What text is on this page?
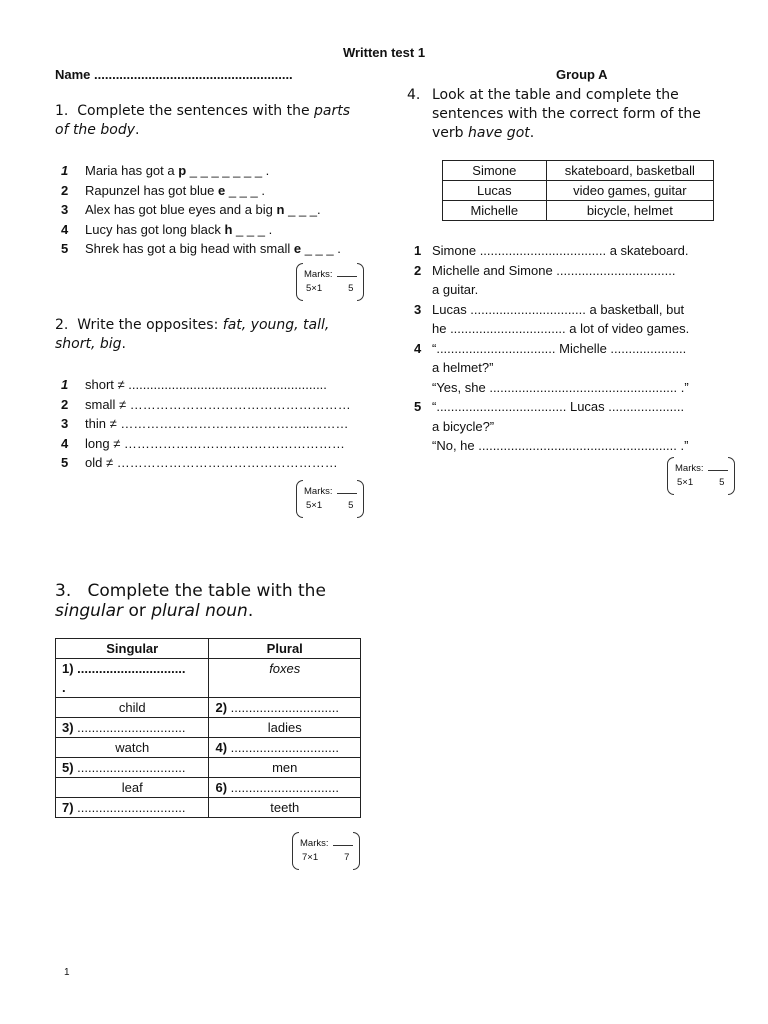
Written test 1
Name .......................................................	Group A
1. Complete the sentences with the parts of the body.
1	Maria has got a p _ _ _ _ _ _ _ .
2	Rapunzel has got blue e _ _ _ .
3	Alex has got blue eyes and a big n _ _ _.
4	Lucy has got long black h _ _ _ .
5	Shrek has got a big head with small e _ _ _ .
Marks:
5×1	5
2. Write the opposites: fat, young, tall, short, big.
1	short ≠ .......................................................
2	small ≠ ……………………………………………
3	thin ≠ ……………………………………..………
4	long ≠ ……………………………………………
5	old ≠ ……………………………………………
Marks:
5×1	5
3. Complete the table with the singular or plural noun.
Singular	Plural
1) ..............................
.	foxes
child	2) ..............................
3) ..............................	ladies
watch	4) ..............................
5) ..............................	men
leaf	6) ..............................
7) ..............................	teeth
Marks:
7×1	7
4. Look at the table and complete the sentences with the correct form of the verb have got.
Simone	skateboard, basketball
Lucas	video games, guitar
Michelle	bicycle, helmet
1 Simone ................................... a skateboard.
2 Michelle and Simone .................................
a guitar.
3 Lucas ................................ a basketball, but
he ................................ a lot of video games.
4 “................................. Michelle .....................
a helmet?”
“Yes, she .................................................... .”
5 “.................................... Lucas .....................
a bicycle?”
“No, he ....................................................... .”
Marks:
5×1	5
1
